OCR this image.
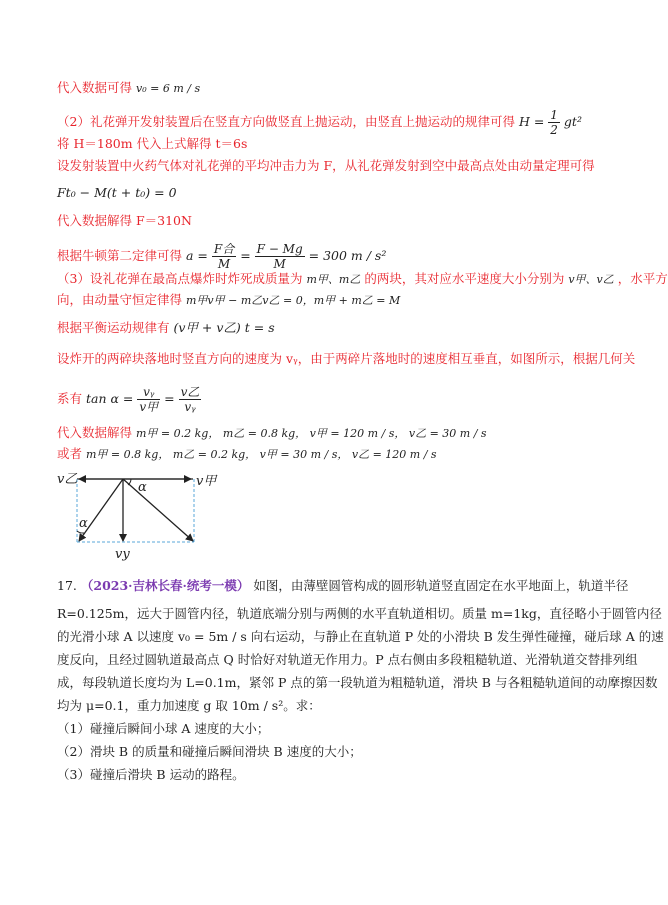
代入数据可得 v₀ = 6 m / s
（2）礼花弹开发射装置后在竖直方向做竖直上抛运动，由竖直上抛运动的规律可得 $H = \frac{1}{2} gt^2$
将 H＝180m 代入上式解得 t＝6s
设发射装置中火药气体对礼花弹的平均冲击力为 F，从礼花弹发射到空中最高点处由动量定理可得
Ft₀ − M(t + t₀) = 0
代入数据解得 F＝310N
根据牛顿第二定律可得 $a = \frac{\text{F合}}{M} = \frac{F - Mg}{M} = 300$ m / s²
（3）设礼花弹在最高点爆炸时炸死成质量为 m甲、m乙 的两块，其对应水平速度大小分别为 v甲、v乙 ，水平方
向，由动量守恒定律得 m甲v甲 − m乙v乙 = 0，m甲 + m乙 = M
根据平衡运动规律有 (v甲 + v乙) t = s
设炸开的两碎块落地时竖直方向的速度为 vᵧ，由于两碎片落地时的速度相互垂直，如图所示，根据几何关
系有 $\tan \alpha = \frac{\text{vᵧ}}{\text{v甲}} = \frac{\text{v乙}}{\text{vᵧ}}$
代入数据解得 m甲 = 0.2 kg， m乙 = 0.8 kg， v甲 = 120 m / s， v乙 = 30 m / s
或者 m甲 = 0.8 kg， m乙 = 0.2 kg， v甲 = 30 m / s， v乙 = 120 m / s
v乙	v甲
vy
α
α
17. （2023·吉林长春·统考一模） 如图，由薄壁圆管构成的圆形轨道竖直固定在水平地面上，轨道半径
R=0.125m，远大于圆管内径，轨道底端分别与两侧的水平直轨道相切。质量 m=1kg，直径略小于圆管内径
的光滑小球 A 以速度 v₀ = 5m / s 向右运动，与静止在直轨道 P 处的小滑块 B 发生弹性碰撞，碰后球 A 的速
度反向，且经过圆轨道最高点 Q 时恰好对轨道无作用力。P 点右侧由多段粗糙轨道、光滑轨道交替排列组
成，每段轨道长度均为 L=0.1m，紧邻 P 点的第一段轨道为粗糙轨道，滑块 B 与各粗糙轨道间的动摩擦因数
均为 μ=0.1，重力加速度 g 取 10m / s²。求：
（1）碰撞后瞬间小球 A 速度的大小；
（2）滑块 B 的质量和碰撞后瞬间滑块 B 速度的大小；
（3）碰撞后滑块 B 运动的路程。
